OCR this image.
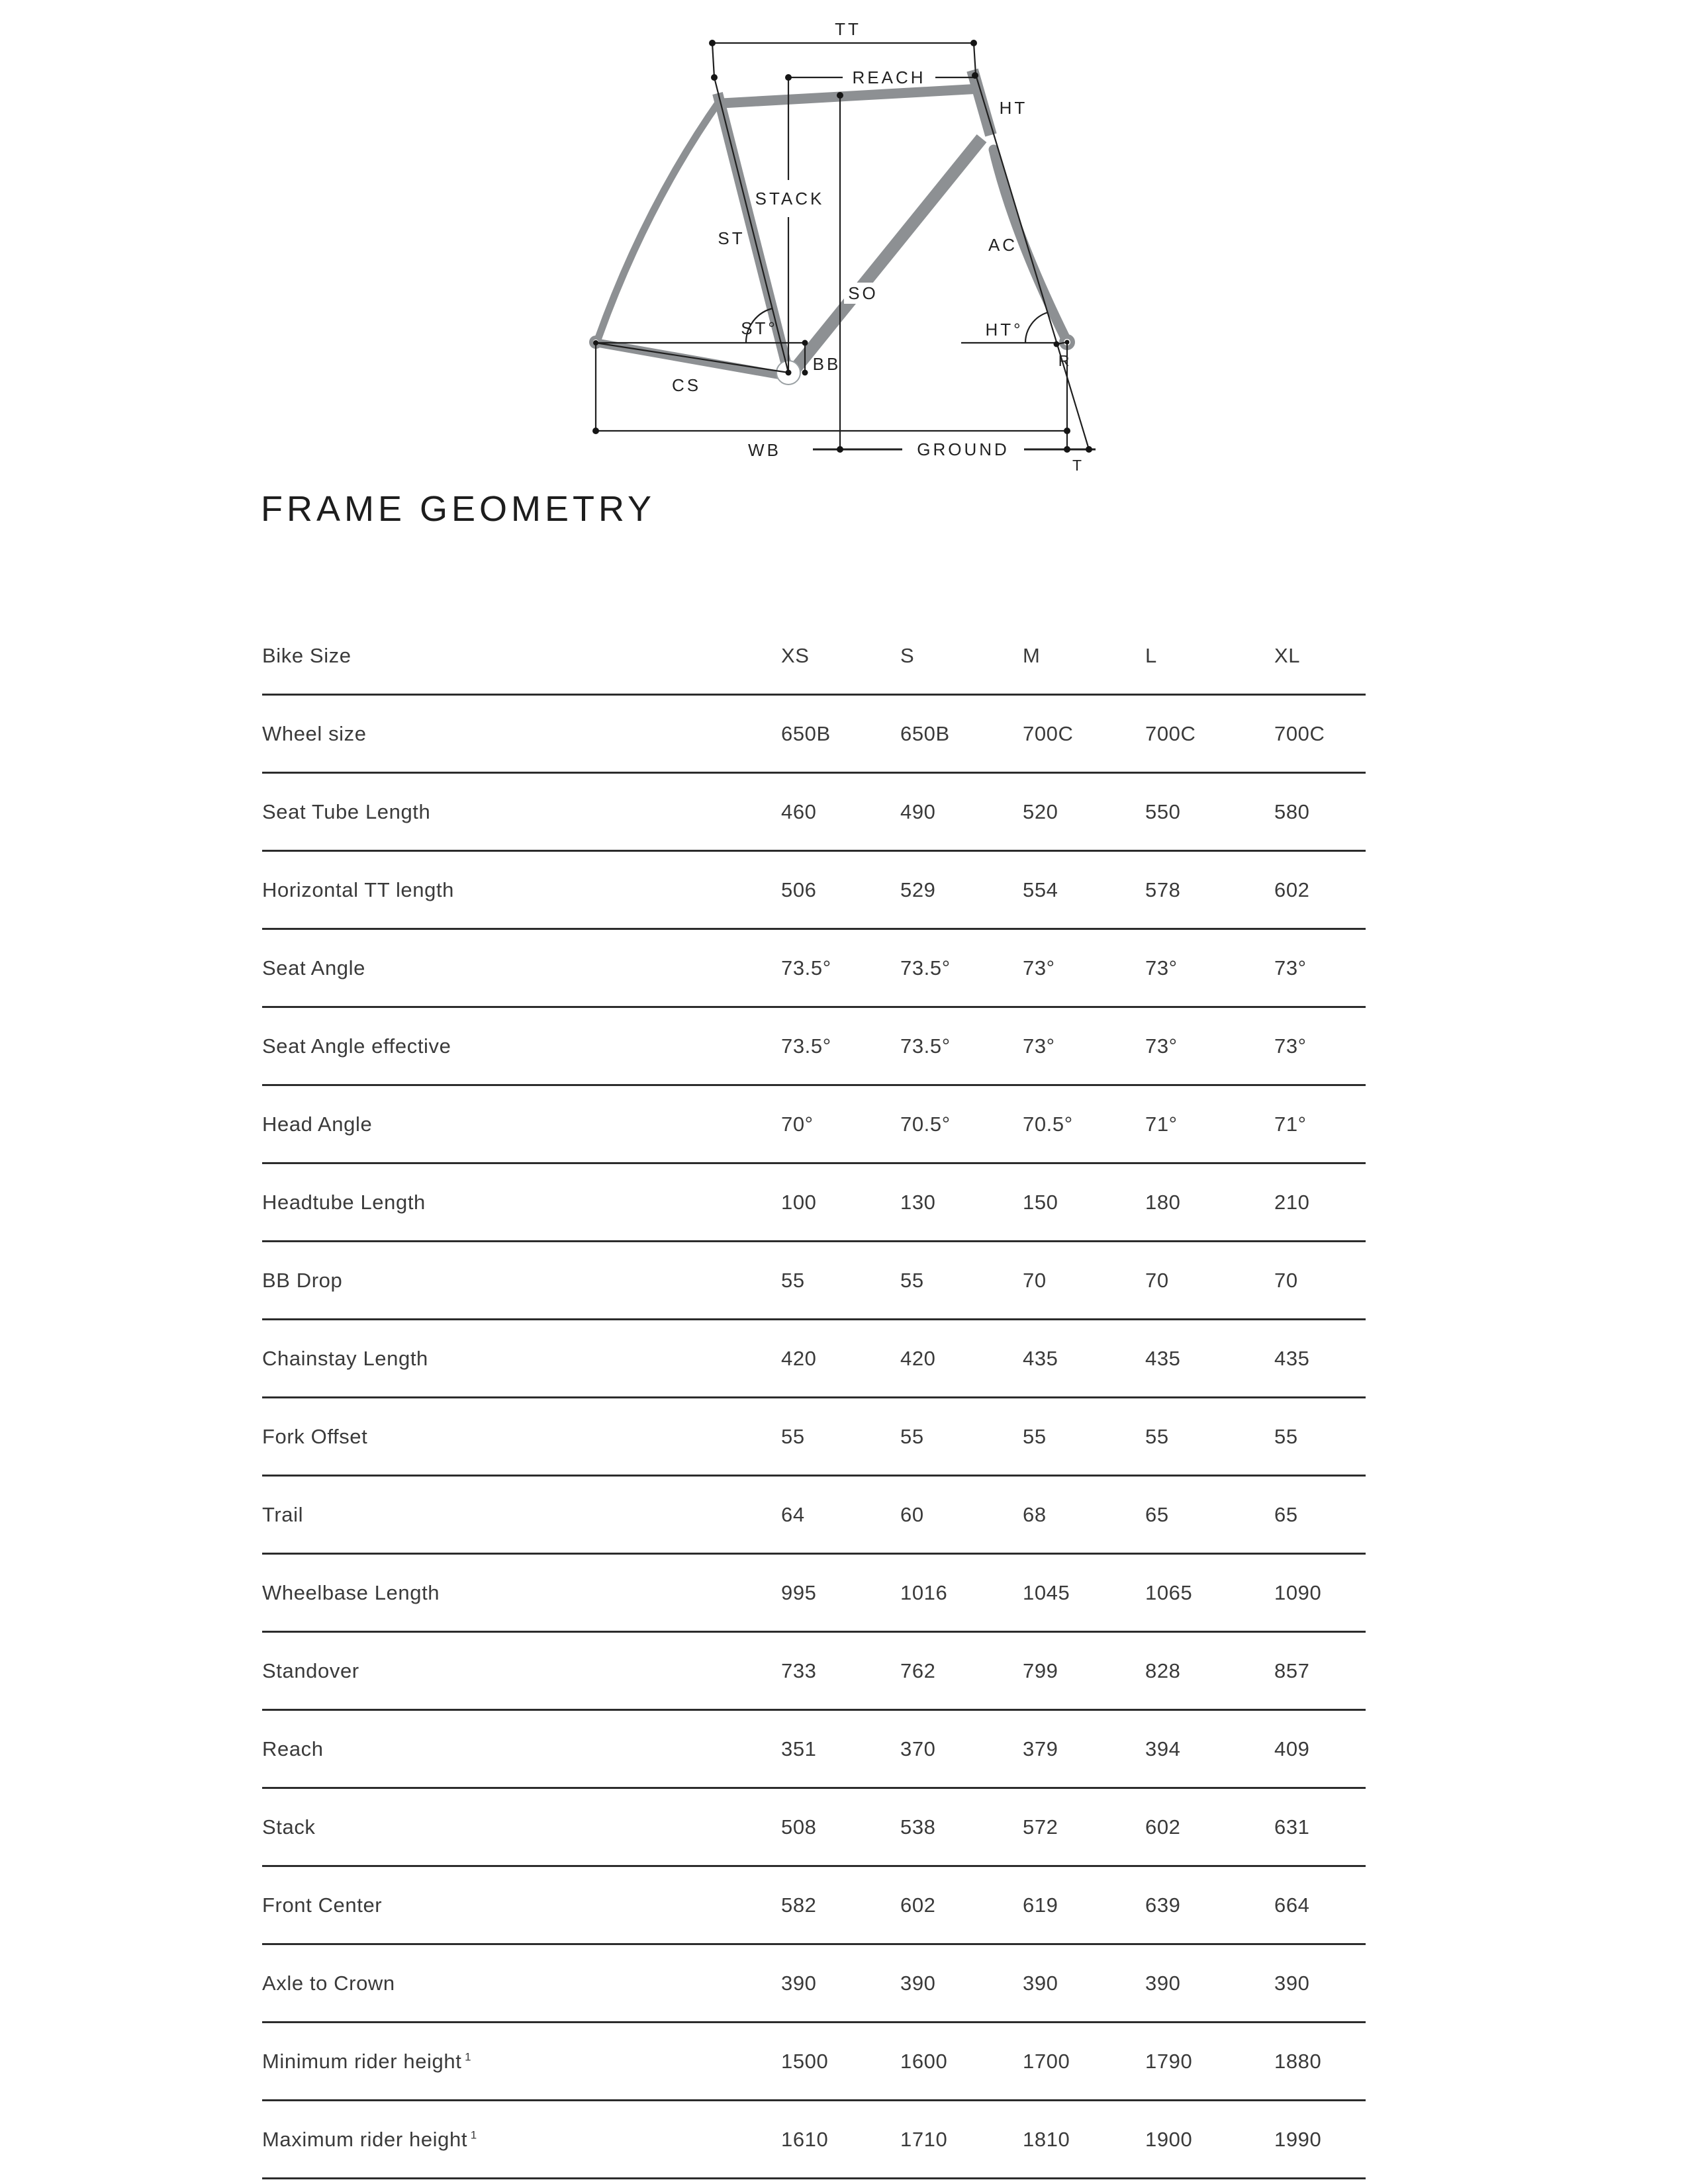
TT
REACH
HT
STACK
ST
SO
AC
ST°	HT°
BB	R
CS
WB	GROUND
T
FRAME GEOMETRY
Bike Size	XS	S	M	L	XL
Wheel size	650B	650B	700C	700C	700C
Seat Tube Length	460	490	520	550	580
Horizontal TT length	506	529	554	578	602
Seat Angle	73.5°	73.5°	73°	73°	73°
Seat Angle effective	73.5°	73.5°	73°	73°	73°
Head Angle	70°	70.5°	70.5°	71°	71°
Headtube Length	100	130	150	180	210
BB Drop	55	55	70	70	70
Chainstay Length	420	420	435	435	435
Fork Offset	55	55	55	55	55
Trail	64	60	68	65	65
Wheelbase Length	995	1016	1045	1065	1090
Standover	733	762	799	828	857
Reach	351	370	379	394	409
Stack	508	538	572	602	631
Front Center	582	602	619	639	664
Axle to Crown	390	390	390	390	390
Minimum rider height $^1$	1500	1600	1700	1790	1880
Maximum rider height $^1$	1610	1710	1810	1900	1990
